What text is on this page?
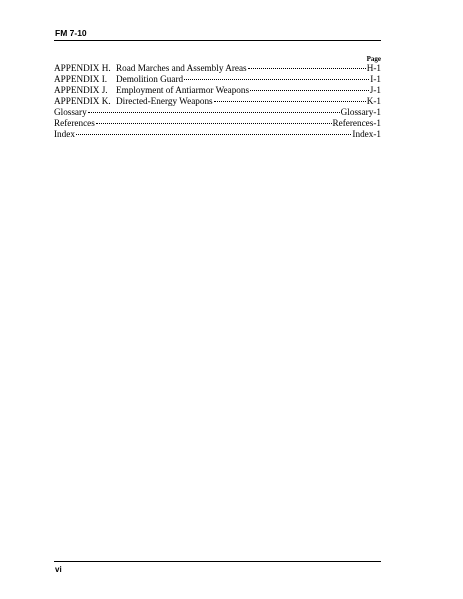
FM 7-10
Page
APPENDIX H. Road Marches and Assembly Areas	H-1
APPENDIX I. Demolition Guard	I-1
APPENDIX J. Employment of Antiarmor Weapons	J-1
APPENDIX K. Directed-Energy Weapons	K-1
Glossary	Glossary-1
References	References-1
Index	Index-1
vi
